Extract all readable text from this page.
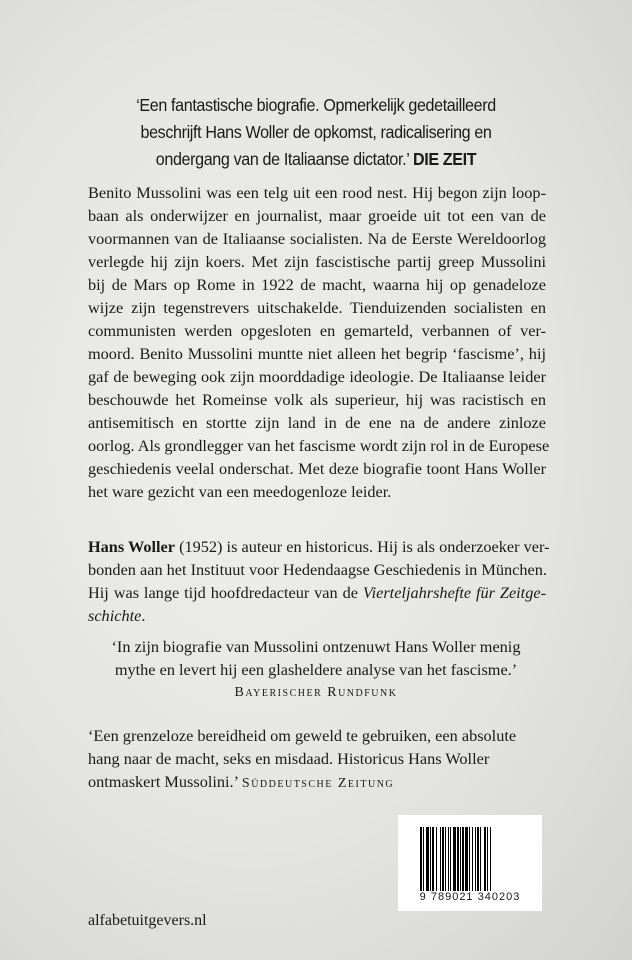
‘Een fantastische biografie. Opmerkelijk gedetailleerd
beschrijft Hans Woller de opkomst, radicalisering en
ondergang van de Italiaanse dictator.’ DIE ZEIT
Benito Mussolini was een telg uit een rood nest. Hij begon zijn loop-
baan als onderwijzer en journalist, maar groeide uit tot een van de
voormannen van de Italiaanse socialisten. Na de Eerste Wereldoorlog
verlegde hij zijn koers. Met zijn fascistische partij greep Mussolini
bij de Mars op Rome in 1922 de macht, waarna hij op genadeloze
wijze zijn tegenstrevers uitschakelde. Tienduizenden socialisten en
communisten werden opgesloten en gemarteld, verbannen of ver-
moord. Benito Mussolini muntte niet alleen het begrip ‘fascisme’, hij
gaf de beweging ook zijn moorddadige ideologie. De Italiaanse leider
beschouwde het Romeinse volk als superieur, hij was racistisch en
antisemitisch en stortte zijn land in de ene na de andere zinloze
oorlog. Als grondlegger van het fascisme wordt zijn rol in de Europese
geschiedenis veelal onderschat. Met deze biografie toont Hans Woller
het ware gezicht van een meedogenloze leider.
Hans Woller (1952) is auteur en historicus. Hij is als onderzoeker ver-
bonden aan het Instituut voor Hedendaagse Geschiedenis in München.
Hij was lange tijd hoofdredacteur van de Vierteljahrshefte für Zeitge-
schichte.
‘In zijn biografie van Mussolini ontzenuwt Hans Woller menig
mythe en levert hij een glasheldere analyse van het fascisme.’
Bayerischer Rundfunk
‘Een grenzeloze bereidheid om geweld te gebruiken, een absolute
hang naar de macht, seks en misdaad. Historicus Hans Woller
ontmaskert Mussolini.’ Süddeutsche Zeitung
9 789021 340203
alfabetuitgevers.nl
